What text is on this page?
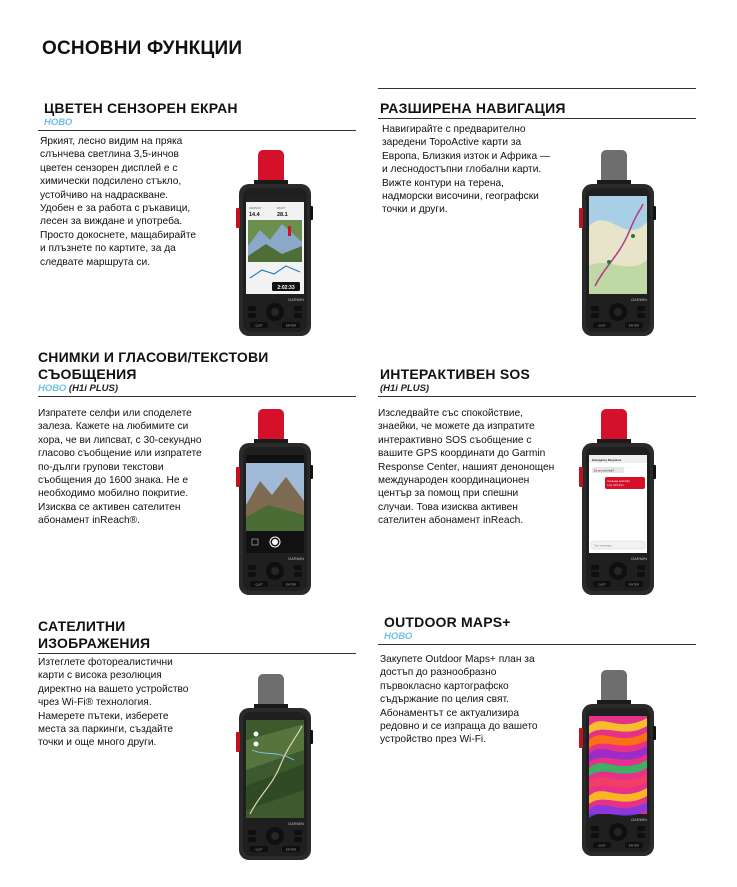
ОСНОВНИ ФУНКЦИИ
ЦВЕТЕН СЕНЗОРЕН ЕКРАН
НОВО

Яркият, лесно видим на пряка слънчева светлина 3,5-инчов цветен сензорен дисплей е с химически подсилено стъкло, устойчиво на надраскване. Удобен е за работа с ръкавици, лесен за виждане и употреба. Просто докоснете, мащабирайте и плъзнете по картите, за да следвате маршрута си.

РАЗШИРЕНА НАВИГАЦИЯ

Навигирайте с предварително заредени TopoActive карти за Европа, Близкия изток и Африка — и леснодостъпни глобални карти. Вижте контури на терена, надморски височини, географски точки и други.

СНИМКИ И ГЛАСОВИ/ТЕКСТОВИ СЪОБЩЕНИЯ
НОВО (H1i PLUS)

Изпратете селфи или споделете залеза. Кажете на любимите си хора, че ви липсват, с 30-секундно гласово съобщение или изпратете по-дълги групови текстови съобщения до 1600 знака. Не е необходимо мобилно покритие. Изисква се активен сателитен абонамент inReach®.

ИНТЕРАКТИВЕН SOS
(H1i PLUS)

Изследвайте със спокойствие, знаейки, че можете да изпратите интерактивно SOS съобщение с вашите GPS координати до Garmin Response Center, нашият денонощен международен координационен център за помощ при спешни случаи. Това изисква активен сателитен абонамент inReach.

САТЕЛИТНИ ИЗОБРАЖЕНИЯ

Изтеглете фотореалистични карти с висока резолюция директно на вашето устройство чрез Wi-Fi® технология. Намерете пътеки, изберете места за паркинги, създайте точки и още много други.

OUTDOOR MAPS+
НОВО

Закупете Outdoor Maps+ план за достъп до разнообразно първокласно картографско съдържание по целия свят. Абонаментът се актуализира редовно и се изпраща до вашето устройство през Wi-Fi.

СКОРОСТ
14.4
РАЗСТ.
28.1
2:02:33
GARMIN
QUIT	ENTER
GARMIN
QUIT	ENTER
GARMIN
QUIT	ENTER
Emergency Response
Do you need help?
Yes please send help t
o me. STS 3 hrs
Type a message
GARMIN
QUIT	ENTER
GARMIN
QUIT	ENTER
GARMIN
QUIT	ENTER
